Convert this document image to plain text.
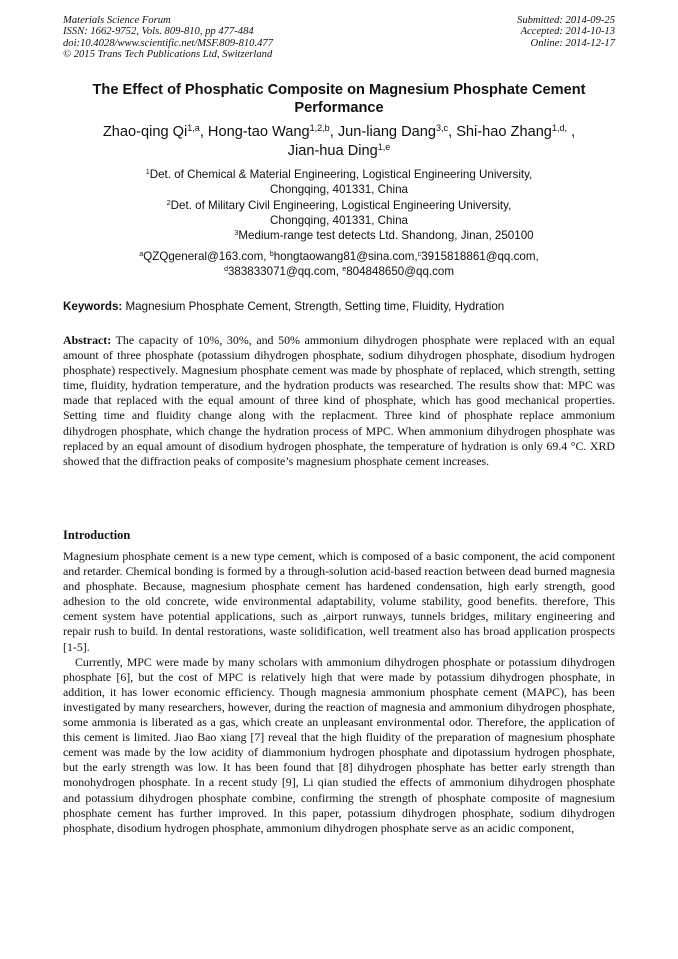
Materials Science Forum
ISSN: 1662-9752, Vols. 809-810, pp 477-484
doi:10.4028/www.scientific.net/MSF.809-810.477
© 2015 Trans Tech Publications Ltd, Switzerland
Submitted: 2014-09-25
Accepted: 2014-10-13
Online: 2014-12-17
The Effect of Phosphatic Composite on Magnesium Phosphate Cement Performance
Zhao-qing Qi$^{1,a}$, Hong-tao Wang$^{1,2,b}$, Jun-liang Dang$^{3,c}$, Shi-hao Zhang$^{1,d,}$ ,
Jian-hua Ding$^{1,e}$
$^1$Det. of Chemical & Material Engineering, Logistical Engineering University,
Chongqing, 401331, China
$^2$Det. of Military Civil Engineering, Logistical Engineering University,
Chongqing, 401331, China
$^3$Medium-range test detects Ltd. Shandong, Jinan, 250100
$^a$QZQgeneral@163.com, $^b$hongtaowang81@sina.com,$^c$3915818861@qq.com,
$^d$383833071@qq.com, $^e$804848650@qq.com
Keywords: Magnesium Phosphate Cement, Strength, Setting time, Fluidity, Hydration
Abstract: The capacity of 10%, 30%, and 50% ammonium dihydrogen phosphate were replaced with an equal amount of three phosphate (potassium dihydrogen phosphate, sodium dihydrogen phosphate, disodium hydrogen phosphate) respectively. Magnesium phosphate cement was made by phosphate of replaced, which strength, setting time, fluidity, hydration temperature, and the hydration products was researched. The results show that: MPC was made that replaced with the equal amount of three kind of phosphate, which has good mechanical properties. Setting time and fluidity change along with the replacment. Three kind of phosphate replace ammonium dihydrogen phosphate, which change the hydration process of MPC. When ammonium dihydrogen phosphate was replaced by an equal amount of disodium hydrogen phosphate, the temperature of hydration is only 69.4 °C. XRD showed that the diffraction peaks of composite’s magnesium phosphate cement increases.
Introduction

Magnesium phosphate cement is a new type cement, which is composed of a basic component, the acid component and retarder. Chemical bonding is formed by a through-solution acid-based reaction between dead burned magnesia and phosphate. Because, magnesium phosphate cement has hardened condensation, high early strength, good adhesion to the old concrete, wide environmental adaptability, volume stability, good benefits. therefore, This cement system have potential applications, such as ,airport runways, tunnels bridges, military engineering and repair rush to build. In dental restorations, waste solidification, well treatment also has broad application prospects [1-5].

Currently, MPC were made by many scholars with ammonium dihydrogen phosphate or potassium dihydrogen phosphate [6], but the cost of MPC is relatively high that were made by potassium dihydrogen phosphate, in addition, it has lower economic efficiency. Though magnesia ammonium phosphate cement (MAPC), has been investigated by many researchers, however, during the reaction of magnesia and ammonium dihydrogen phosphate, some ammonia is liberated as a gas, which create an unpleasant environmental odor. Therefore, the application of this cement is limited. Jiao Bao xiang [7] reveal that the high fluidity of the preparation of magnesium phosphate cement was made by the low acidity of diammonium hydrogen phosphate and dipotassium hydrogen phosphate, but the early strength was low. It has been found that [8] dihydrogen phosphate has better early strength than monohydrogen phosphate. In a recent study [9], Li qian studied the effects of ammonium dihydrogen phosphate and potassium dihydrogen phosphate combine, confirming the strength of phosphate composite of magnesium phosphate cement has further improved. In this paper, potassium dihydrogen phosphate, sodium dihydrogen phosphate, disodium hydrogen phosphate, ammonium dihydrogen phosphate serve as an acidic component,
